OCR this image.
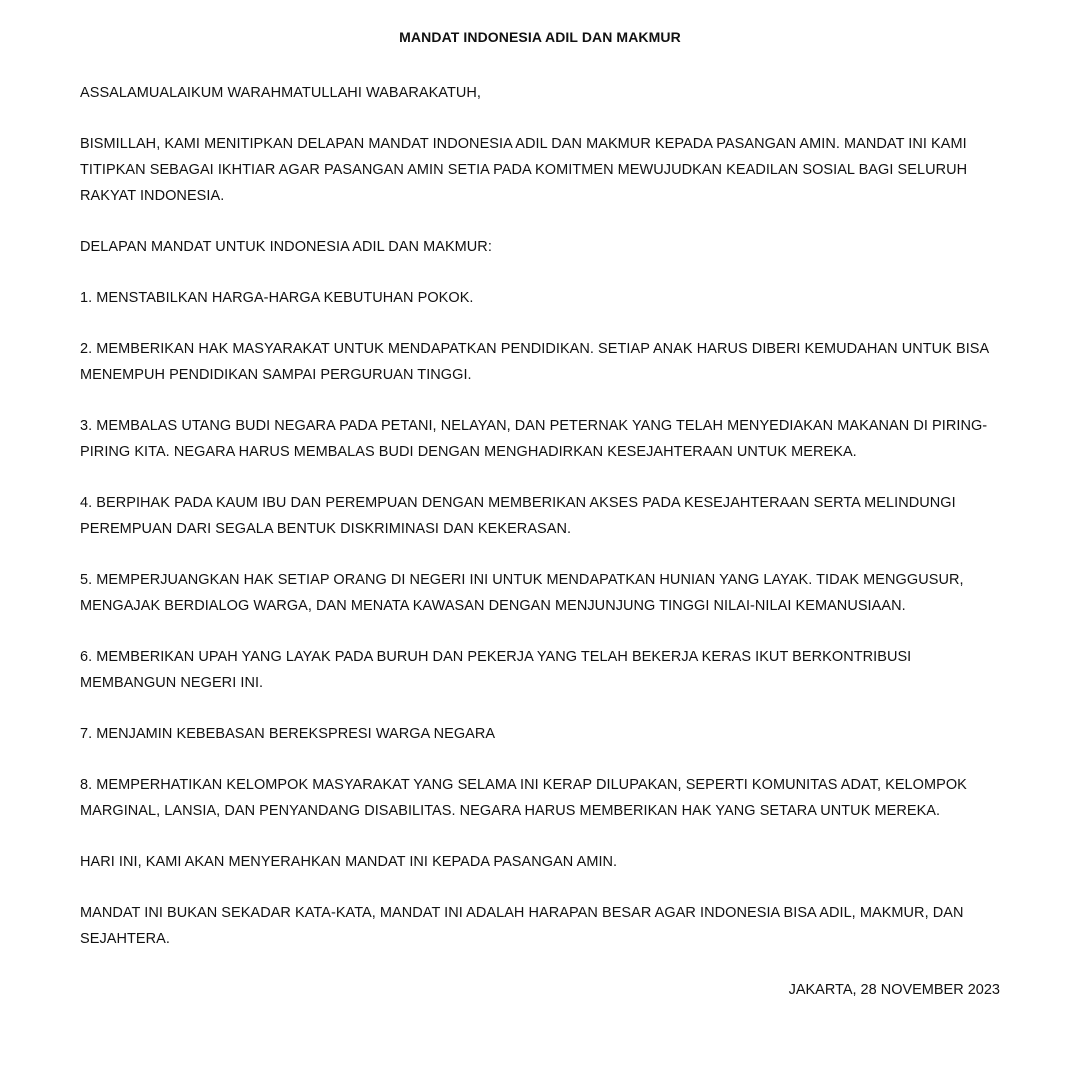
MANDAT INDONESIA ADIL DAN MAKMUR

ASSALAMUALAIKUM WARAHMATULLAHI WABARAKATUH,

BISMILLAH, KAMI MENITIPKAN DELAPAN MANDAT INDONESIA ADIL DAN MAKMUR KEPADA PASANGAN AMIN. MANDAT INI KAMI TITIPKAN SEBAGAI IKHTIAR AGAR PASANGAN AMIN SETIA PADA KOMITMEN MEWUJUDKAN KEADILAN SOSIAL BAGI SELURUH RAKYAT INDONESIA.

DELAPAN MANDAT UNTUK INDONESIA ADIL DAN MAKMUR:

1. MENSTABILKAN HARGA-HARGA KEBUTUHAN POKOK.

2. MEMBERIKAN HAK MASYARAKAT UNTUK MENDAPATKAN PENDIDIKAN. SETIAP ANAK HARUS DIBERI KEMUDAHAN UNTUK BISA MENEMPUH PENDIDIKAN SAMPAI PERGURUAN TINGGI.

3. MEMBALAS UTANG BUDI NEGARA PADA PETANI, NELAYAN, DAN PETERNAK YANG TELAH MENYEDIAKAN MAKANAN DI PIRING-PIRING KITA. NEGARA HARUS MEMBALAS BUDI DENGAN MENGHADIRKAN KESEJAHTERAAN UNTUK MEREKA.

4. BERPIHAK PADA KAUM IBU DAN PEREMPUAN DENGAN MEMBERIKAN AKSES PADA KESEJAHTERAAN SERTA MELINDUNGI PEREMPUAN DARI SEGALA BENTUK DISKRIMINASI DAN KEKERASAN.

5. MEMPERJUANGKAN HAK SETIAP ORANG DI NEGERI INI UNTUK MENDAPATKAN HUNIAN YANG LAYAK. TIDAK MENGGUSUR, MENGAJAK BERDIALOG WARGA, DAN MENATA KAWASAN DENGAN MENJUNJUNG TINGGI NILAI-NILAI KEMANUSIAAN.

6. MEMBERIKAN UPAH YANG LAYAK PADA BURUH DAN PEKERJA YANG TELAH BEKERJA KERAS IKUT BERKONTRIBUSI MEMBANGUN NEGERI INI.

7. MENJAMIN KEBEBASAN BEREKSPRESI WARGA NEGARA

8. MEMPERHATIKAN KELOMPOK MASYARAKAT YANG SELAMA INI KERAP DILUPAKAN, SEPERTI KOMUNITAS ADAT, KELOMPOK MARGINAL, LANSIA, DAN PENYANDANG DISABILITAS. NEGARA HARUS MEMBERIKAN HAK YANG SETARA UNTUK MEREKA.

HARI INI, KAMI AKAN MENYERAHKAN MANDAT INI KEPADA PASANGAN AMIN.

MANDAT INI BUKAN SEKADAR KATA-KATA, MANDAT INI ADALAH HARAPAN BESAR AGAR INDONESIA BISA ADIL, MAKMUR, DAN SEJAHTERA.

JAKARTA, 28 NOVEMBER 2023
